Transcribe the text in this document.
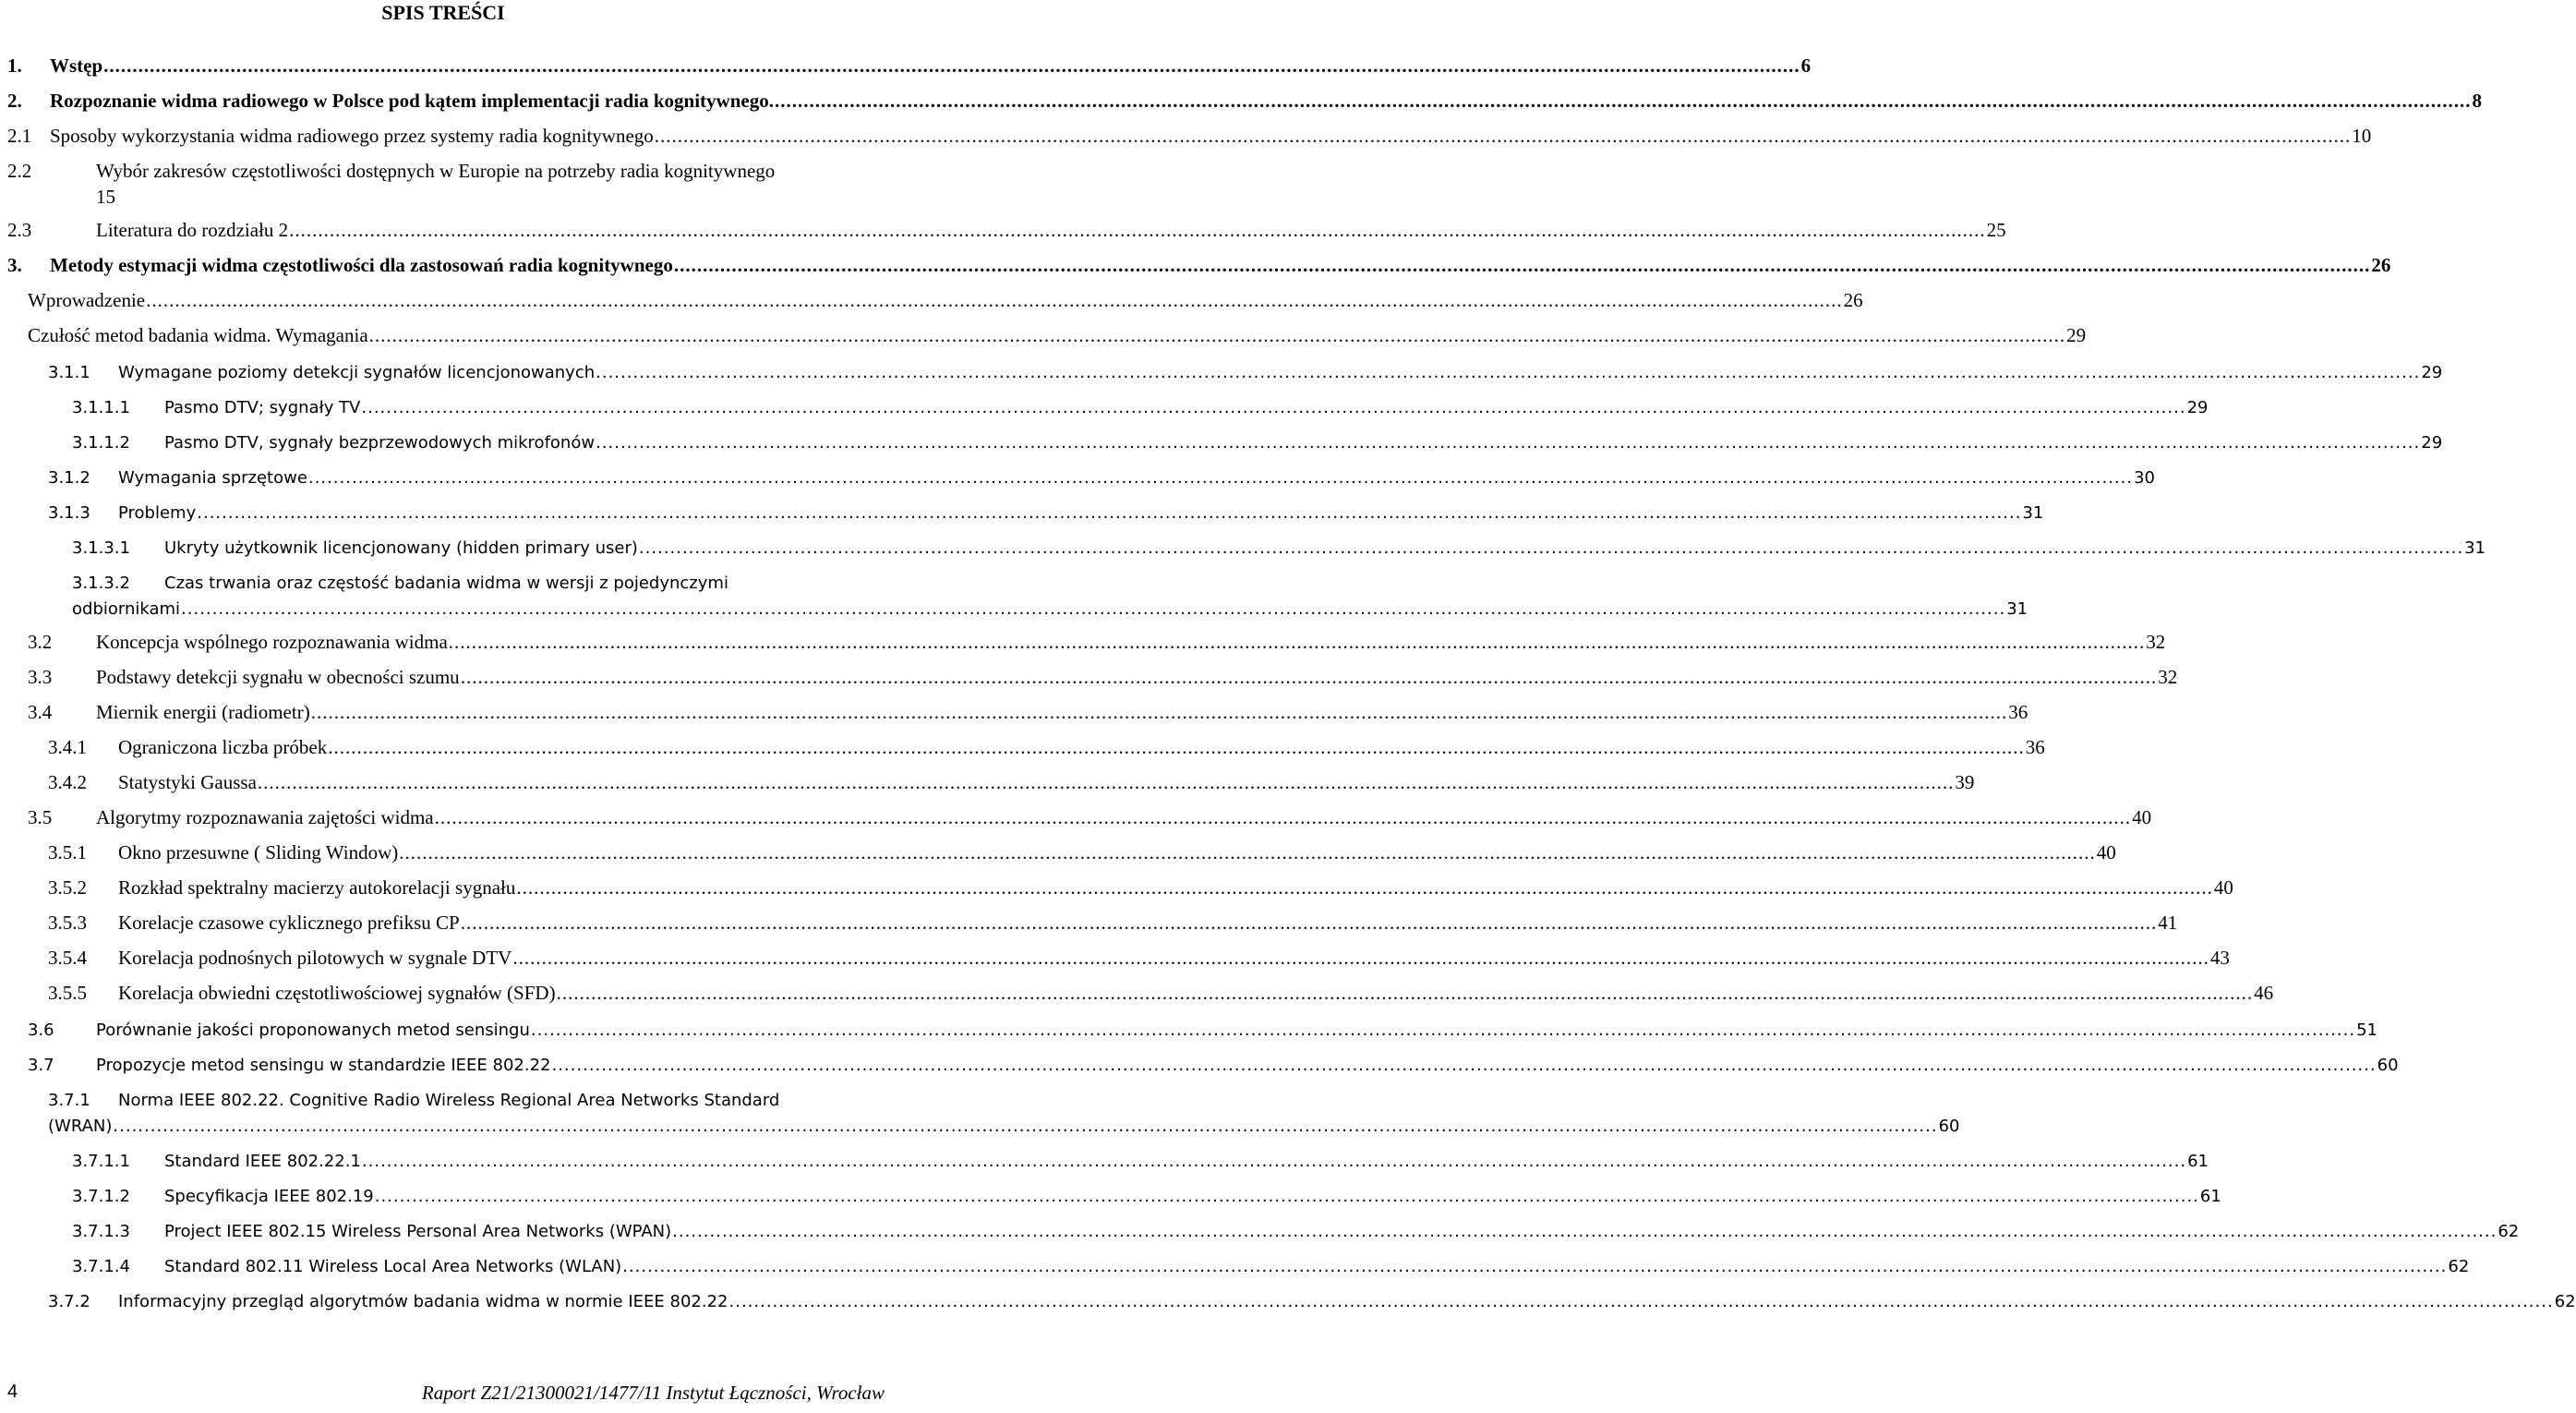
SPIS TREŚCI
1.	Wstęp .....	6
2.	Rozpoznanie widma radiowego w Polsce pod kątem implementacji radia kognitywnego. .....	8
2.1 Sposoby wykorzystania widma radiowego przez systemy radia kognitywnego .....	10
2.2	Wybór zakresów częstotliwości dostępnych w Europie na potrzeby radia kognitywnego
15
2.3	Literatura do rozdziału 2 .....	25
3.	Metody estymacji widma częstotliwości dla zastosowań radia kognitywnego .....	26
Wprowadzenie .....	26
Czułość metod badania widma. Wymagania .....	29
3.1.1	Wymagane poziomy detekcji sygnałów licencjonowanych .....	29
3.1.1.1	Pasmo DTV; sygnały TV .....	29
3.1.1.2	Pasmo DTV, sygnały bezprzewodowych mikrofonów .....	29
3.1.2	Wymagania sprzętowe .....	30
3.1.3	Problemy .....	31
3.1.3.1	Ukryty użytkownik licencjonowany (hidden primary user) .....	31
3.1.3.2	Czas trwania oraz częstość badania widma w wersji z pojedynczymi
odbiornikami .....	31
3.2	Koncepcja wspólnego rozpoznawania widma .....	32
3.3	Podstawy detekcji sygnału w obecności szumu .....	32
3.4	Miernik energii (radiometr) .....	36
3.4.1	Ograniczona liczba próbek .....	36
3.4.2	Statystyki Gaussa .....	39
3.5	Algorytmy rozpoznawania zajętości widma .....	40
3.5.1	Okno przesuwne ( Sliding Window) .....	40
3.5.2	Rozkład spektralny macierzy autokorelacji sygnału .....	40
3.5.3	Korelacje czasowe cyklicznego prefiksu CP .....	41
3.5.4	Korelacja podnośnych pilotowych w sygnale DTV .....	43
3.5.5	Korelacja obwiedni częstotliwościowej sygnałów (SFD) .....	46
3.6	Porównanie jakości proponowanych metod sensingu .....	51
3.7	Propozycje metod sensingu w standardzie IEEE 802.22 .....	60
3.7.1	Norma IEEE 802.22. Cognitive Radio Wireless Regional Area Networks Standard
(WRAN) .....	60
3.7.1.1	Standard IEEE 802.22.1 .....	61
3.7.1.2	Specyfikacja IEEE 802.19 .....	61
3.7.1.3	Project IEEE 802.15 Wireless Personal Area Networks (WPAN) .....	62
3.7.1.4	Standard 802.11 Wireless Local Area Networks (WLAN) .....	62
3.7.2	Informacyjny przegląd algorytmów badania widma w normie IEEE 802.22 .....	62
4	Raport Z21/21300021/1477/11 Instytut Łączności, Wrocław
